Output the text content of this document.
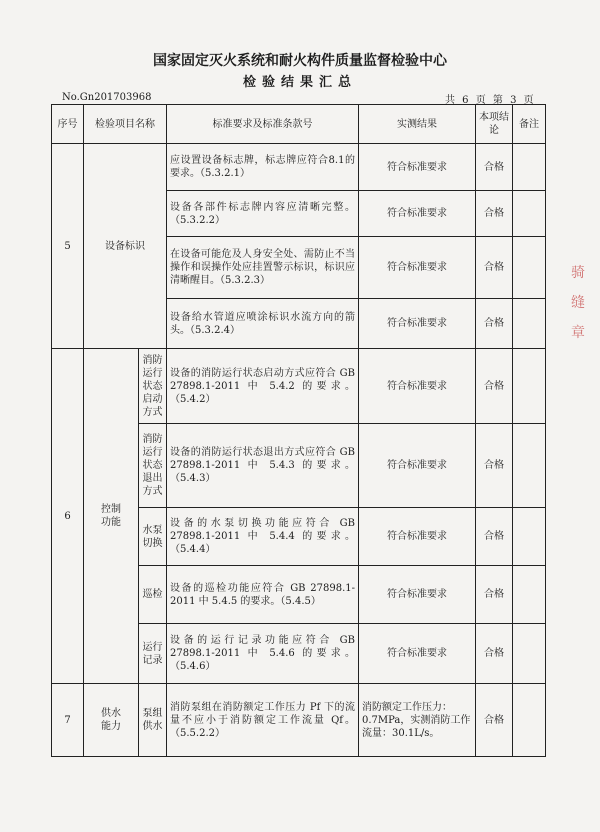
国家固定灭火系统和耐火构件质量监督检验中心
检验结果汇总
No.Gn201703968	共 6 页 第 3 页
序号	检验项目名称		标准要求及标准条款号	实测结果	本项结论	备注
5	设备标识		应设置设备标志牌，标志牌应符合8.1的要求。（5.3.2.1）	符合标准要求	合格	
			设备各部件标志牌内容应清晰完整。（5.3.2.2）	符合标准要求	合格	
			在设备可能危及人身安全处、需防止不当操作和误操作处应挂置警示标识，标识应清晰醒目。（5.3.2.3）	符合标准要求	合格	
			设备给水管道应喷涂标识水流方向的箭头。（5.3.2.4）	符合标准要求	合格	
6	控制功能	消防运行状态启动方式	设备的消防运行状态启动方式应符合 GB 27898.1-2011 中 5.4.2 的要求。（5.4.2）	符合标准要求	合格	
		消防运行状态退出方式	设备的消防运行状态退出方式应符合 GB 27898.1-2011 中 5.4.3 的要求。（5.4.3）	符合标准要求	合格	
		水泵切换	设备的水泵切换功能应符合 GB 27898.1-2011 中 5.4.4 的要求。（5.4.4）	符合标准要求	合格	
		巡检	设备的巡检功能应符合 GB 27898.1-2011 中 5.4.5 的要求。（5.4.5）	符合标准要求	合格	
		运行记录	设备的运行记录功能应符合 GB 27898.1-2011 中 5.4.6 的要求。（5.4.6）	符合标准要求	合格	
7	供水能力	泵组供水	消防泵组在消防额定工作压力 Pf 下的流量不应小于消防额定工作流量 Qf。（5.5.2.2）	消防额定工作压力：0.7MPa，实测消防工作流量：30.1L/s。	合格	
骑
缝
章
